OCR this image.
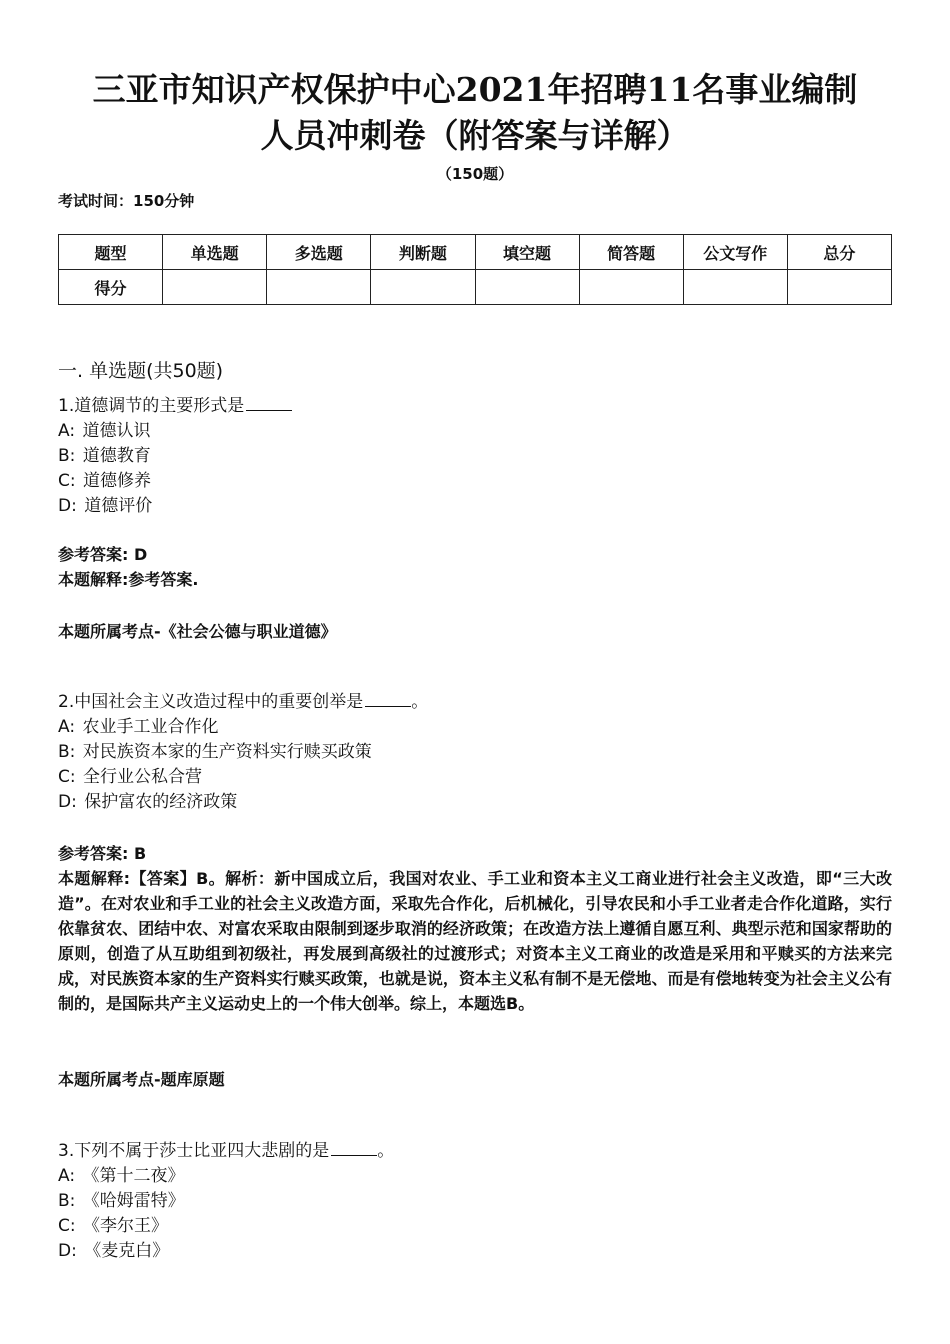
三亚市知识产权保护中心2021年招聘11名事业编制
人员冲刺卷（附答案与详解）
（150题）
考试时间：150分钟
题型	单选题	多选题	判断题	填空题	简答题	公文写作	总分
得分							
一. 单选题(共50题)
1.道德调节的主要形式是
A: 道德认识
B: 道德教育
C: 道德修养
D: 道德评价
参考答案: D
本题解释:参考答案.
本题所属考点-《社会公德与职业道德》
2.中国社会主义改造过程中的重要创举是	。
A: 农业手工业合作化
B: 对民族资本家的生产资料实行赎买政策
C: 全行业公私合营
D: 保护富农的经济政策
参考答案: B
本题解释:【答案】B。解析：新中国成立后，我国对农业、手工业和资本主义工商业进行社会主义改造，即“三大改造”。在对农业和手工业的社会主义改造方面，采取先合作化，后机械化，引导农民和小手工业者走合作化道路，实行依靠贫农、团结中农、对富农采取由限制到逐步取消的经济政策；在改造方法上遵循自愿互利、典型示范和国家帮助的原则，创造了从互助组到初级社，再发展到高级社的过渡形式；对资本主义工商业的改造是采用和平赎买的方法来完成，对民族资本家的生产资料实行赎买政策，也就是说，资本主义私有制不是无偿地、而是有偿地转变为社会主义公有制的，是国际共产主义运动史上的一个伟大创举。综上，本题选B。
本题所属考点-题库原题
3.下列不属于莎士比亚四大悲剧的是	。
A: 《第十二夜》
B: 《哈姆雷特》
C: 《李尔王》
D: 《麦克白》
